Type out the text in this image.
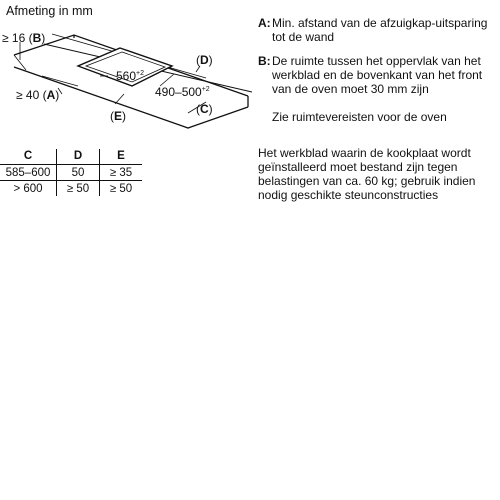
Afmeting in mm
≥ 16 (B)
≥ 40 (A)
(D)
(C)
(E)
$560^{+2}$
$490-500^{+2}$
C	D	E
585–600	50	≥ 35
> 600	≥ 50	≥ 50
A: Min. afstand van de afzuigkap-uitsparing tot de wand
B: De ruimte tussen het oppervlak van het werkblad en de bovenkant van het front van de oven moet 30 mm zijn
Zie ruimtevereisten voor de oven
Het werkblad waarin de kookplaat wordt geïnstalleerd moet bestand zijn tegen belastingen van ca. 60 kg; gebruik indien nodig geschikte steunconstructies
